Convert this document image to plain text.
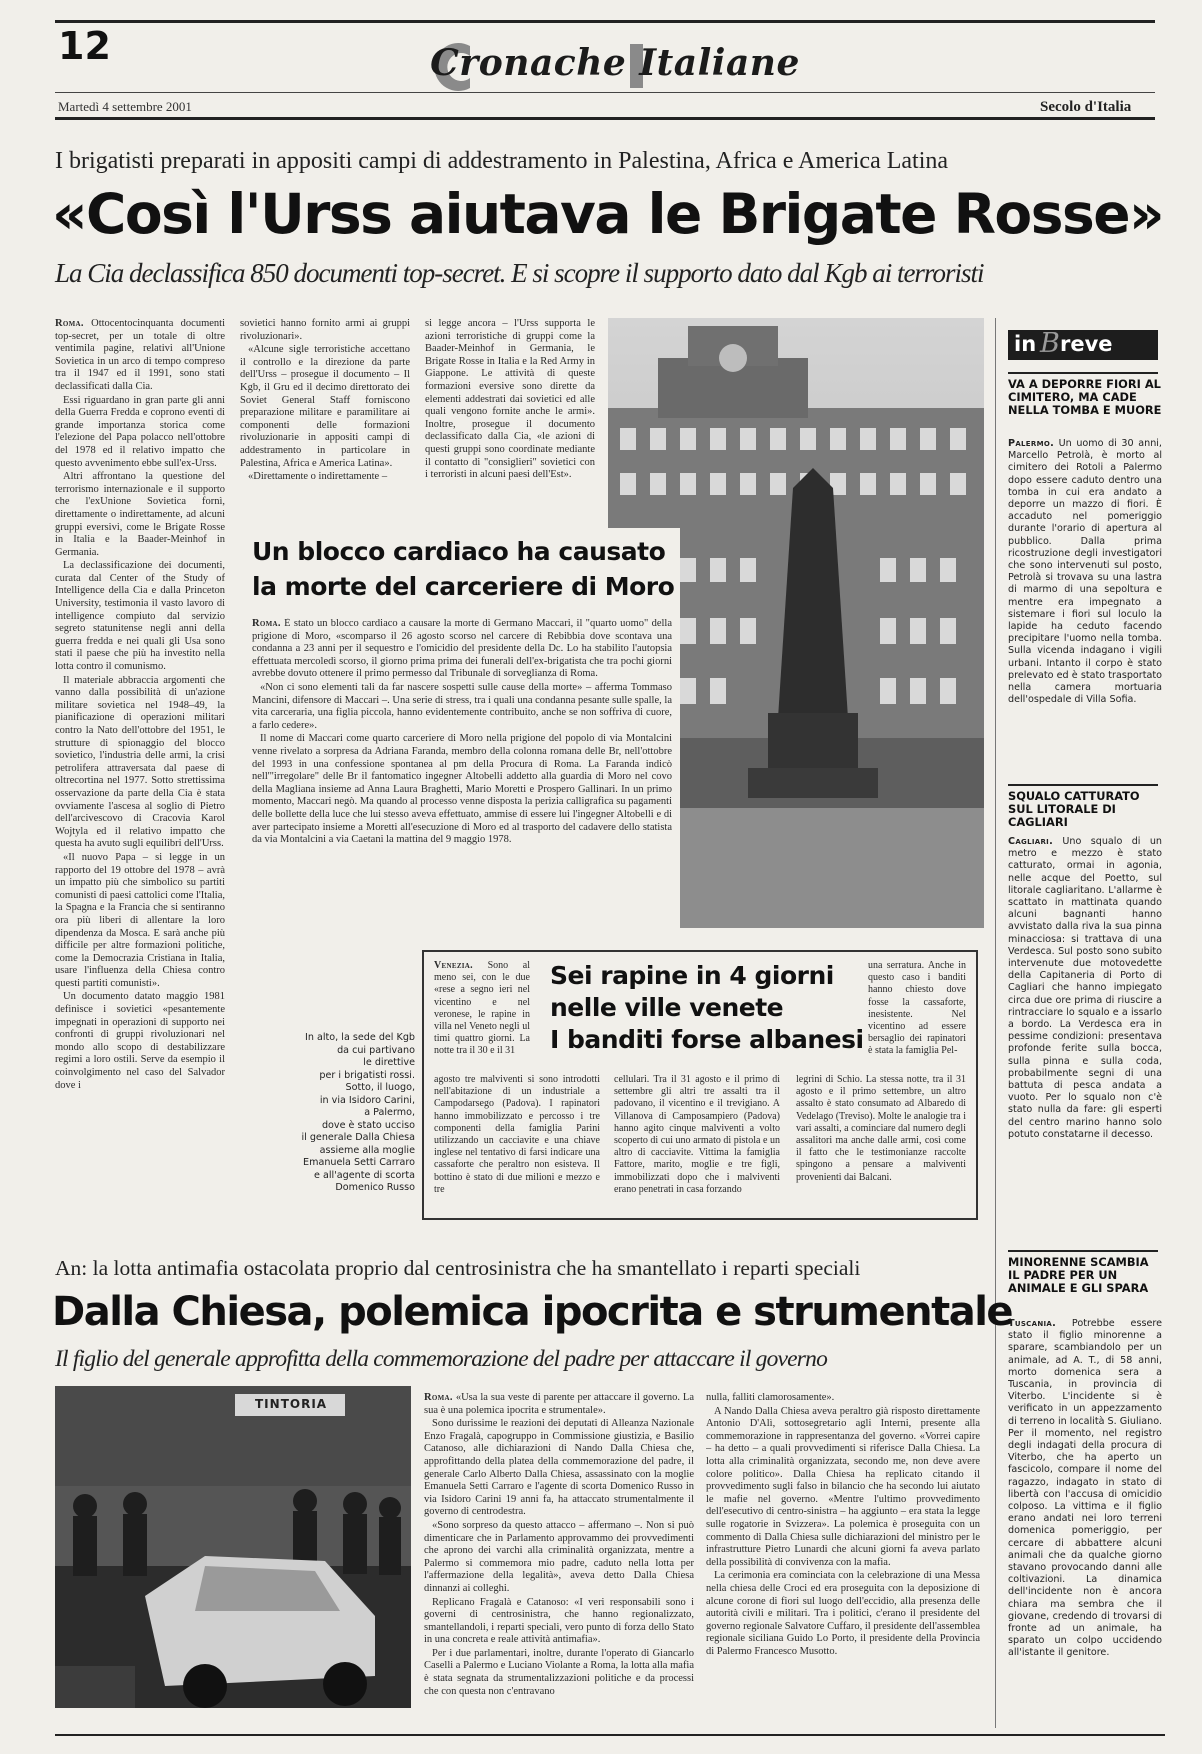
12	Cronache Italiane
Martedì 4 settembre 2001	Secolo d'Italia
I brigatisti preparati in appositi campi di addestramento in Palestina, Africa e America Latina
«Così l'Urss aiutava le Brigate Rosse»
La Cia declassifica 850 documenti top-secret. E si scopre il supporto dato dal Kgb ai terroristi

Roma. Ottocentocinquanta documenti top-secret, per un totale di oltre ventimila pagine, relativi all'Unione Sovietica in un arco di tempo compreso tra il 1947 ed il 1991, sono stati declassificati dalla Cia.

Essi riguardano in gran parte gli anni della Guerra Fredda e coprono eventi di grande importanza storica come l'elezione del Papa polacco nell'ottobre del 1978 ed il relativo impatto che questo avvenimento ebbe sull'ex-Urss.

Altri affrontano la questione del terrorismo internazionale e il supporto che l'exUnione Sovietica fornì, direttamente o indirettamente, ad alcuni gruppi eversivi, come le Brigate Rosse in Italia e la Baader-Meinhof in Germania.

La declassificazione dei documenti, curata dal Center of the Study of Intelligence della Cia e dalla Princeton University, testimonia il vasto lavoro di intelligence compiuto dal servizio segreto statunitense negli anni della guerra fredda e nei quali gli Usa sono stati il paese che più ha investito nella lotta contro il comunismo.

Il materiale abbraccia argomenti che vanno dalla possibilità di un'azione militare sovietica nel 1948–49, la pianificazione di operazioni militari contro la Nato dell'ottobre del 1951, le strutture di spionaggio del blocco sovietico, l'industria delle armi, la crisi petrolifera attraversata dal paese di oltrecortina nel 1977. Sotto strettissima osservazione da parte della Cia è stata ovviamente l'ascesa al soglio di Pietro dell'arcivescovo di Cracovia Karol Wojtyla ed il relativo impatto che questa ha avuto sugli equilibri dell'Urss.

«Il nuovo Papa – si legge in un rapporto del 19 ottobre del 1978 – avrà un impatto più che simbolico su partiti comunisti di paesi cattolici come l'Italia, la Spagna e la Francia che si sentiranno ora più liberi di allentare la loro dipendenza da Mosca. E sarà anche più difficile per altre formazioni politiche, come la Democrazia Cristiana in Italia, usare l'influenza della Chiesa contro questi partiti comunisti».

Un documento datato maggio 1981 definisce i sovietici «pesantemente impegnati in operazioni di supporto nei confronti di gruppi rivoluzionari nel mondo allo scopo di destabilizzare regimi a loro ostili. Serve da esempio il coinvolgimento nel caso del Salvador dove i

sovietici hanno fornito armi ai gruppi rivoluzionari».

«Alcune sigle terroristiche accettano il controllo e la direzione da parte dell'Urss – prosegue il documento – Il Kgb, il Gru ed il decimo direttorato dei Soviet General Staff forniscono preparazione militare e paramilitare ai componenti delle formazioni rivoluzionarie in appositi campi di addestramento in particolare in Palestina, Africa e America Latina».

«Direttamente o indirettamente –

si legge ancora – l'Urss supporta le azioni terroristiche di gruppi come la Baader-Meinhof in Germania, le Brigate Rosse in Italia e la Red Army in Giappone. Le attività di queste formazioni eversive sono dirette da elementi addestrati dai sovietici ed alle quali vengono fornite anche le armi». Inoltre, prosegue il documento declassificato dalla Cia, «le azioni di questi gruppi sono coordinate mediante il contatto di "consiglieri" sovietici con i terroristi in alcuni paesi dell'Est».

Un blocco cardiaco ha causato
la morte del carceriere di Moro

Roma. È stato un blocco cardiaco a causare la morte di Germano Maccari, il "quarto uomo" della prigione di Moro, «scomparso il 26 agosto scorso nel carcere di Rebibbia dove scontava una condanna a 23 anni per il sequestro e l'omicidio del presidente della Dc. Lo ha stabilito l'autopsia effettuata mercoledì scorso, il giorno prima prima dei funerali dell'ex-brigatista che tra pochi giorni avrebbe dovuto ottenere il primo permesso dal Tribunale di sorveglianza di Roma.

«Non ci sono elementi tali da far nascere sospetti sulle cause della morte» – afferma Tommaso Mancini, difensore di Maccari –. Una serie di stress, tra i quali una condanna pesante sulle spalle, la vita carceraria, una figlia piccola, hanno evidentemente contribuito, anche se non soffriva di cuore, a farlo cedere».

Il nome di Maccari come quarto carceriere di Moro nella prigione del popolo di via Montalcini venne rivelato a sorpresa da Adriana Faranda, membro della colonna romana delle Br, nell'ottobre del 1993 in una confessione spontanea al pm della Procura di Roma. La Faranda indicò nell'"irregolare" delle Br il fantomatico ingegner Altobelli addetto alla guardia di Moro nel covo della Magliana insieme ad Anna Laura Braghetti, Mario Moretti e Prospero Gallinari. In un primo momento, Maccari negò. Ma quando al processo venne disposta la perizia calligrafica su pagamenti delle bollette della luce che lui stesso aveva effettuato, ammise di essere lui l'ingegner Altobelli e di aver partecipato insieme a Moretti all'esecuzione di Moro ed al trasporto del cadavere dello statista da via Montalcini a via Caetani la mattina del 9 maggio 1978.

In alto, la sede del Kgb
da cui partivano
le direttive
per i brigatisti rossi.
Sotto, il luogo,
in via Isidoro Carini,
a Palermo,
dove è stato ucciso
il generale Dalla Chiesa
assieme alla moglie
Emanuela Setti Carraro
e all'agente di scorta
Domenico Russo

Venezia. Sono al meno sei, con le due «rese a segno ieri nel vicentino e nel veronese, le rapine in villa nel Veneto negli ul timi quattro giorni. La notte tra il 30 e il 31

Sei rapine in 4 giorni
nelle ville venete
I banditi forse albanesi

una serratura. Anche in questo caso i banditi hanno chiesto dove fosse la cassaforte, inesistente. Nel vicentino ad essere bersaglio dei rapinatori è stata la famiglia Pel-

agosto tre malviventi si sono introdotti nell'abitazione di un industriale a Campodarsego (Padova). I rapinatori hanno immobilizzato e percosso i tre componenti della famiglia Parini utilizzando un cacciavite e una chiave inglese nel tentativo di farsi indicare una cassaforte che peraltro non esisteva. Il bottino è stato di due milioni e mezzo e tre

cellulari. Tra il 31 agosto e il primo di settembre gli altri tre assalti tra il padovano, il vicentino e il trevigiano. A Villanova di Camposampiero (Padova) hanno agito cinque malviventi a volto scoperto di cui uno armato di pistola e un altro di cacciavite. Vittima la famiglia Fattore, marito, moglie e tre figli, immobilizzati dopo che i malviventi erano penetrati in casa forzando

legrini di Schio. La stessa notte, tra il 31 agosto e il primo settembre, un altro assalto è stato consumato ad Albaredo di Vedelago (Treviso). Molte le analogie tra i vari assalti, a cominciare dal numero degli assalitori ma anche dalle armi, così come il fatto che le testimonianze raccolte spingono a pensare a malviventi provenienti dai Balcani.

in B reve
VA A DEPORRE FIORI AL CIMITERO, MA CADE NELLA TOMBA E MUORE

Palermo. Un uomo di 30 anni, Marcello Petrolà, è morto al cimitero dei Rotoli a Palermo dopo essere caduto dentro una tomba in cui era andato a deporre un mazzo di fiori. È accaduto nel pomeriggio durante l'orario di apertura al pubblico. Dalla prima ricostruzione degli investigatori che sono intervenuti sul posto, Petrolà si trovava su una lastra di marmo di una sepoltura e mentre era impegnato a sistemare i fiori sul loculo la lapide ha ceduto facendo precipitare l'uomo nella tomba. Sulla vicenda indagano i vigili urbani. Intanto il corpo è stato prelevato ed è stato trasportato nella camera mortuaria dell'ospedale di Villa Sofia.

SQUALO CATTURATO SUL LITORALE DI CAGLIARI

Cagliari. Uno squalo di un metro e mezzo è stato catturato, ormai in agonia, nelle acque del Poetto, sul litorale cagliaritano. L'allarme è scattato in mattinata quando alcuni bagnanti hanno avvistato dalla riva la sua pinna minacciosa: si trattava di una Verdesca. Sul posto sono subito intervenute due motovedette della Capitaneria di Porto di Cagliari che hanno impiegato circa due ore prima di riuscire a rintracciare lo squalo e a issarlo a bordo. La Verdesca era in pessime condizioni: presentava profonde ferite sulla bocca, sulla pinna e sulla coda, probabilmente segni di una battuta di pesca andata a vuoto. Per lo squalo non c'è stato nulla da fare: gli esperti del centro marino hanno solo potuto constatarne il decesso.

MINORENNE SCAMBIA IL PADRE PER UN ANIMALE E GLI SPARA

Tuscania. Potrebbe essere stato il figlio minorenne a sparare, scambiandolo per un animale, ad A. T., di 58 anni, morto domenica sera a Tuscania, in provincia di Viterbo. L'incidente si è verificato in un appezzamento di terreno in località S. Giuliano. Per il momento, nel registro degli indagati della procura di Viterbo, che ha aperto un fascicolo, compare il nome del ragazzo, indagato in stato di libertà con l'accusa di omicidio colposo. La vittima e il figlio erano andati nei loro terreni domenica pomeriggio, per cercare di abbattere alcuni animali che da qualche giorno stavano provocando danni alle coltivazioni. La dinamica dell'incidente non è ancora chiara ma sembra che il giovane, credendo di trovarsi di fronte ad un animale, ha sparato un colpo uccidendo all'istante il genitore.

An: la lotta antimafia ostacolata proprio dal centrosinistra che ha smantellato i reparti speciali
Dalla Chiesa, polemica ipocrita e strumentale
Il figlio del generale approfitta della commemorazione del padre per attaccare il governo
TINTORIA	Roma. «Usa la sua veste di parente per attaccare il governo. La sua è una polemica ipocrita e strumentale».

Sono durissime le reazioni dei deputati di Alleanza Nazionale Enzo Fragalà, capogruppo in Commissione giustizia, e Basilio Catanoso, alle dichiarazioni di Nando Dalla Chiesa che, approfittando della platea della commemorazione del padre, il generale Carlo Alberto Dalla Chiesa, assassinato con la moglie Emanuela Setti Carraro e l'agente di scorta Domenico Russo in via Isidoro Carini 19 anni fa, ha attaccato strumentalmente il governo di centrodestra.

«Sono sorpreso da questo attacco – affermano –. Non si può dimenticare che in Parlamento approvammo dei provvedimenti che aprono dei varchi alla criminalità organizzata, mentre a Palermo si commemora mio padre, caduto nella lotta per l'affermazione della legalità», aveva detto Dalla Chiesa dinnanzi ai colleghi.

Replicano Fragalà e Catanoso: «I veri responsabili sono i governi di centrosinistra, che hanno regionalizzato, smantellandoli, i reparti speciali, vero punto di forza dello Stato in una concreta e reale attività antimafia».

Per i due parlamentari, inoltre, durante l'operato di Giancarlo Caselli a Palermo e Luciano Violante a Roma, la lotta alla mafia è stata segnata da strumentalizzazioni politiche e da processi che con questa non c'entravano

nulla, falliti clamorosamente».

A Nando Dalla Chiesa aveva peraltro già risposto direttamente Antonio D'Alì, sottosegretario agli Interni, presente alla commemorazione in rappresentanza del governo. «Vorrei capire – ha detto – a quali provvedimenti si riferisce Dalla Chiesa. La lotta alla criminalità organizzata, secondo me, non deve avere colore politico». Dalla Chiesa ha replicato citando il provvedimento sugli falso in bilancio che ha secondo lui aiutato le mafie nel governo. «Mentre l'ultimo provvedimento dell'esecutivo di centro-sinistra – ha aggiunto – era stata la legge sulle rogatorie in Svizzera». La polemica è proseguita con un commento di Dalla Chiesa sulle dichiarazioni del ministro per le infrastrutture Pietro Lunardi che alcuni giorni fa aveva parlato della possibilità di convivenza con la mafia.

La cerimonia era cominciata con la celebrazione di una Messa nella chiesa delle Croci ed era proseguita con la deposizione di alcune corone di fiori sul luogo dell'eccidio, alla presenza delle autorità civili e militari. Tra i politici, c'erano il presidente del governo regionale Salvatore Cuffaro, il presidente dell'assemblea regionale siciliana Guido Lo Porto, il presidente della Provincia di Palermo Francesco Musotto.
